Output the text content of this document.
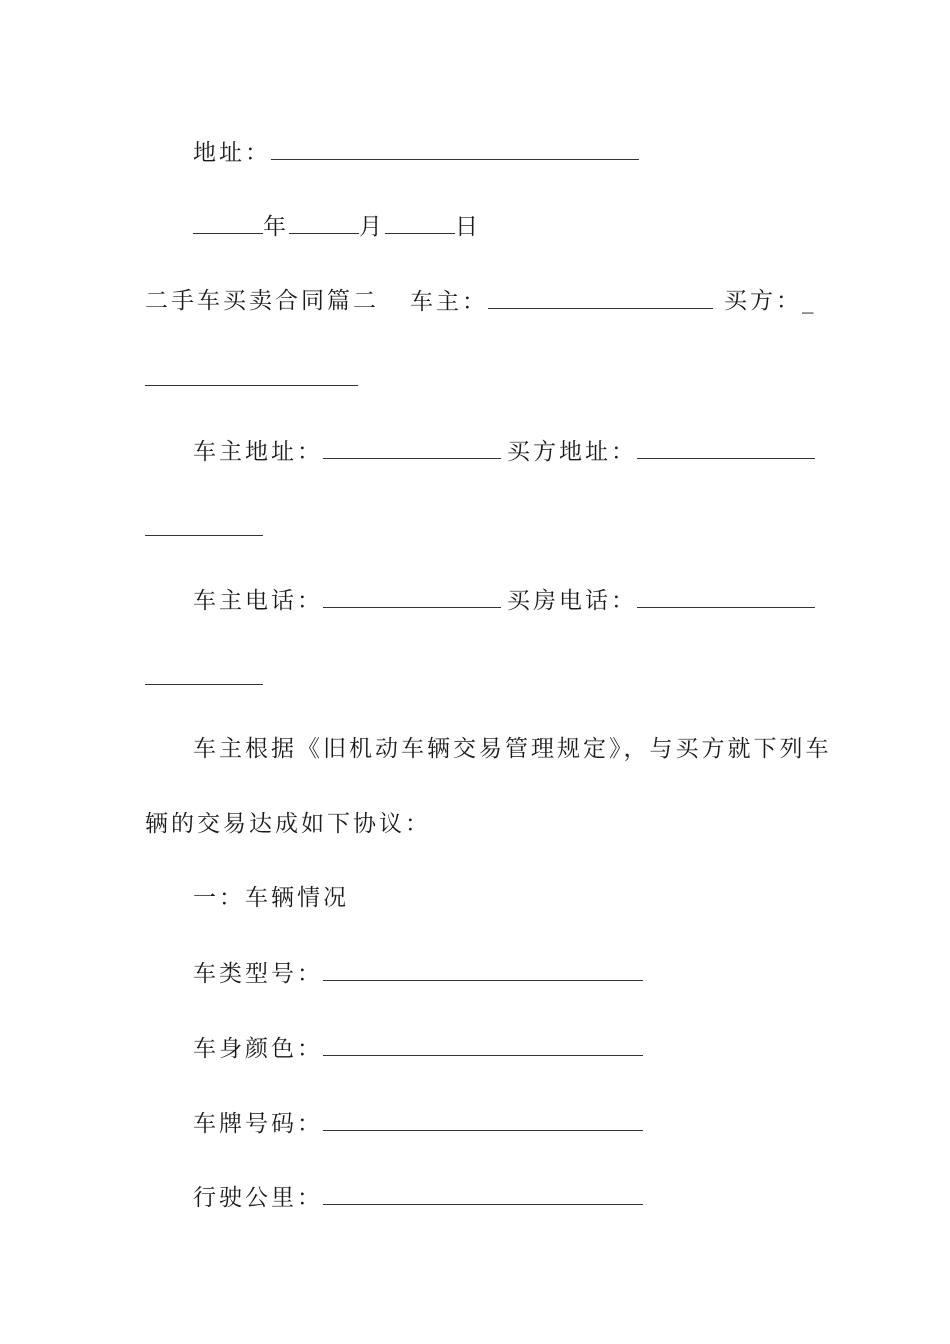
地址：
年	月	日
二手车买卖合同篇二 车主：	买方：_
车主地址：	买方地址：
车主电话：	买房电话：
车主根据《旧机动车辆交易管理规定》，与买方就下列车
辆的交易达成如下协议：
一：车辆情况
车类型号：
车身颜色：
车牌号码：
行驶公里：
